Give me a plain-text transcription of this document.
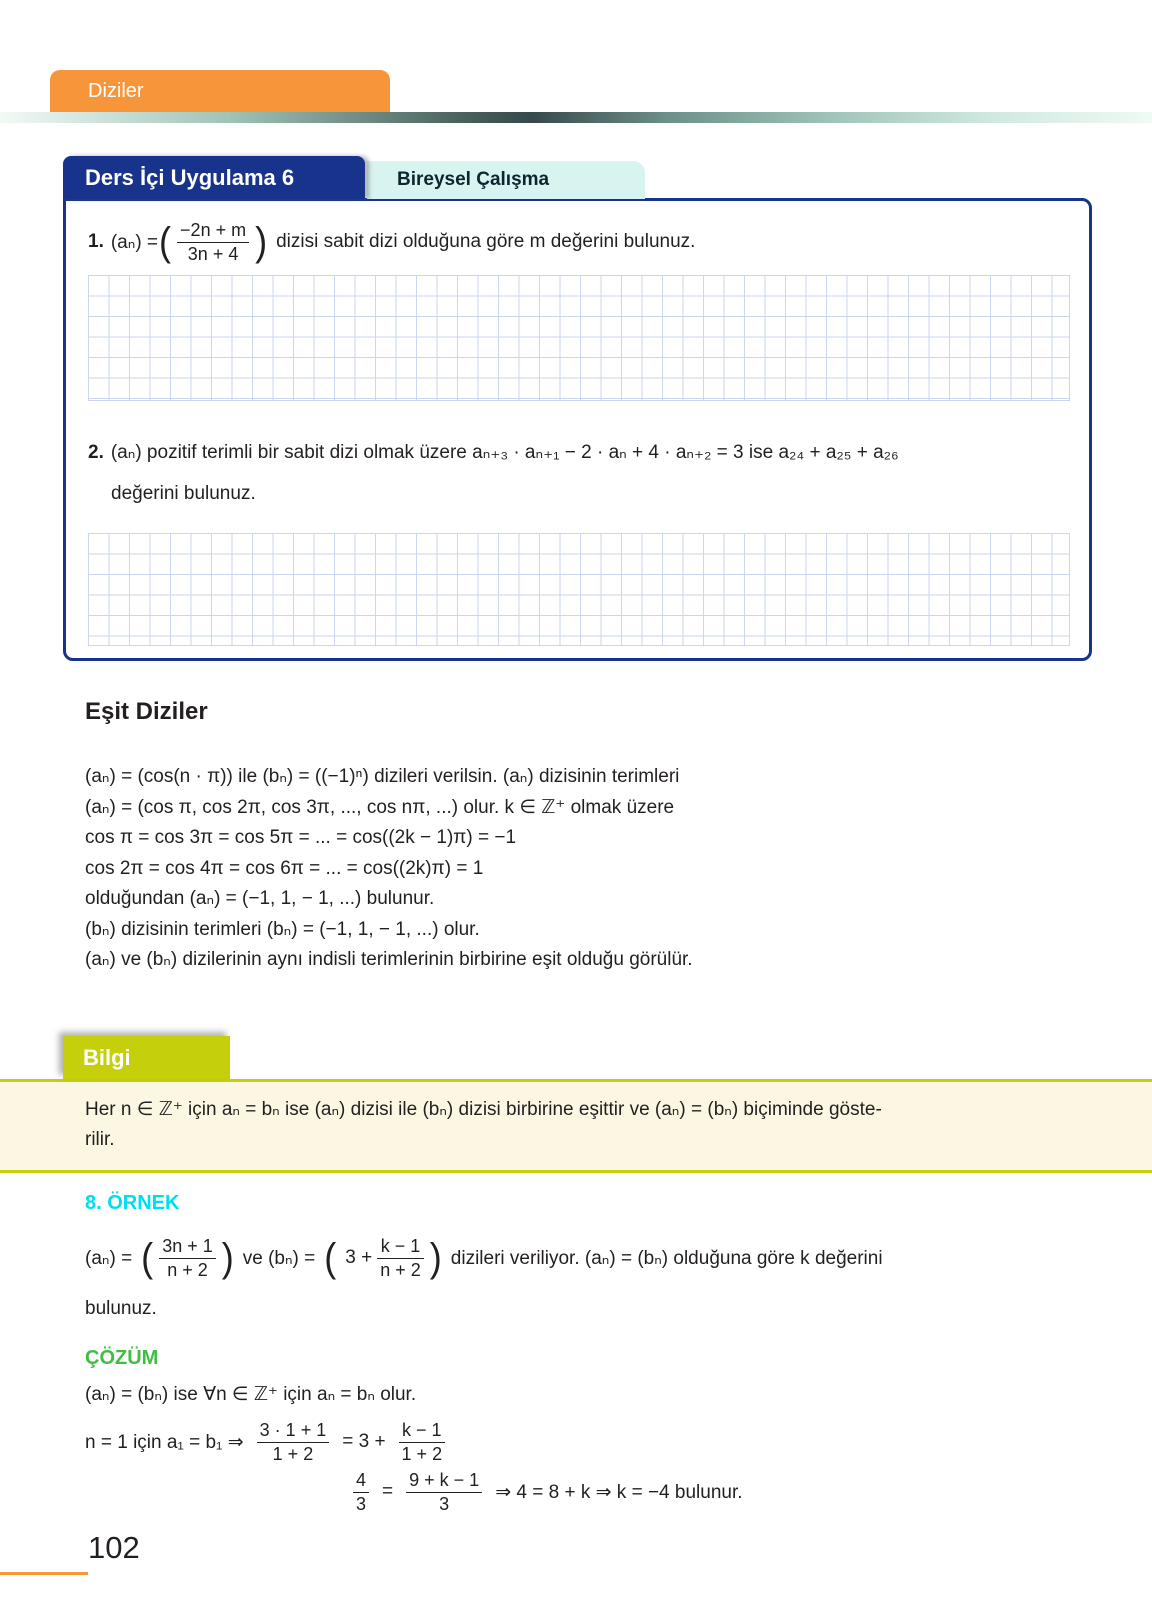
Diziler
Ders İçi Uygulama 6	Bireysel Çalışma
1. (aₙ) = ( $\frac{-2n + m}{3n + 4}$ ) dizisi sabit dizi olduğuna göre m değerini bulunuz.
2. (aₙ) pozitif terimli bir sabit dizi olmak üzere aₙ₊₃ · aₙ₊₁ − 2 · aₙ + 4 · aₙ₊₂ = 3 ise a₂₄ + a₂₅ + a₂₆
değerini bulunuz.
Eşit Diziler
(aₙ) = (cos(n · π)) ile (bₙ) = ((−1)ⁿ) dizileri verilsin. (aₙ) dizisinin terimleri
(aₙ) = (cos π, cos 2π, cos 3π, ..., cos nπ, ...) olur. k ∈ ℤ⁺ olmak üzere
cos π = cos 3π = cos 5π = ... = cos((2k − 1)π) = −1
cos 2π = cos 4π = cos 6π = ... = cos((2k)π) = 1
olduğundan (aₙ) = (−1, 1, − 1, ...) bulunur.
(bₙ) dizisinin terimleri (bₙ) = (−1, 1, − 1, ...) olur.
(aₙ) ve (bₙ) dizilerinin aynı indisli terimlerinin birbirine eşit olduğu görülür.
Bilgi
Her n ∈ ℤ⁺ için aₙ = bₙ ise (aₙ) dizisi ile (bₙ) dizisi birbirine eşittir ve (aₙ) = (bₙ) biçiminde göste-
rilir.
8. ÖRNEK
(aₙ) = ( $\frac{3n + 1}{n + 2}$ ) ve (bₙ) = ( $3 + \frac{k - 1}{n + 2}$ ) dizileri veriliyor. (aₙ) = (bₙ) olduğuna göre k değerini
bulunuz.
ÇÖZÜM
(aₙ) = (bₙ) ise ∀n ∈ ℤ⁺ için aₙ = bₙ olur.
n = 1 için a₁ = b₁ ⇒ $\frac{3 \cdot 1 + 1}{1 + 2} = 3 + \frac{k - 1}{1 + 2}$
$\frac{4}{3} = \frac{9 + k - 1}{3}$ ⇒ 4 = 8 + k ⇒ k = −4 bulunur.
102
